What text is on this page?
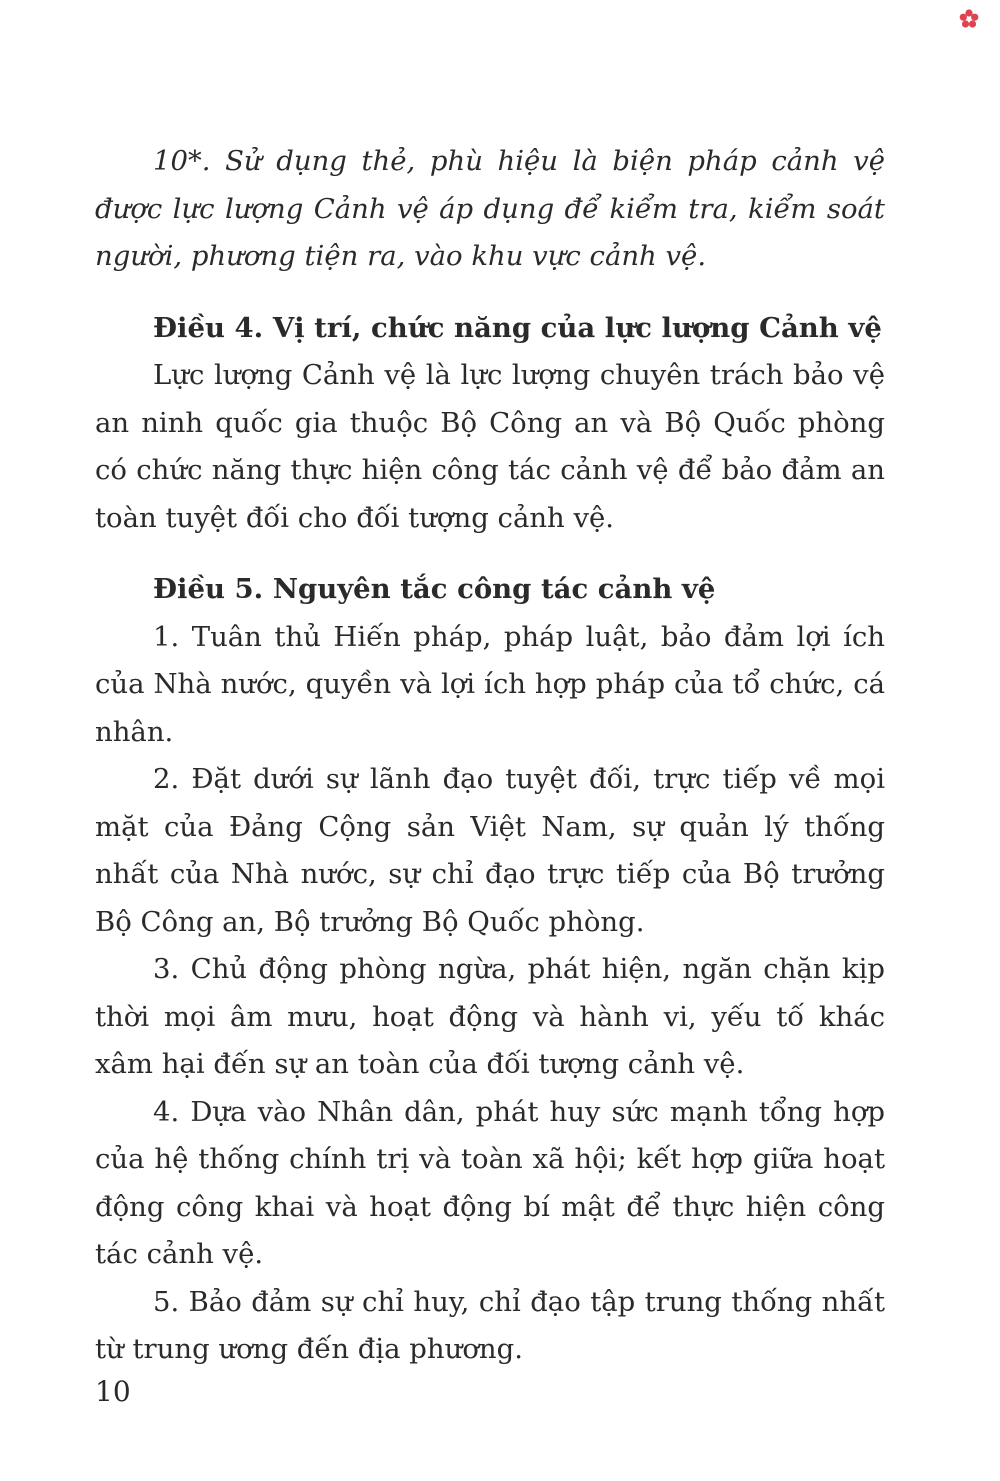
10*. Sử dụng thẻ, phù hiệu là biện pháp cảnh vệ được lực lượng Cảnh vệ áp dụng để kiểm tra, kiểm soát người, phương tiện ra, vào khu vực cảnh vệ.

Điều 4. Vị trí, chức năng của lực lượng Cảnh vệ

Lực lượng Cảnh vệ là lực lượng chuyên trách bảo vệ an ninh quốc gia thuộc Bộ Công an và Bộ Quốc phòng có chức năng thực hiện công tác cảnh vệ để bảo đảm an toàn tuyệt đối cho đối tượng cảnh vệ.

Điều 5. Nguyên tắc công tác cảnh vệ

1. Tuân thủ Hiến pháp, pháp luật, bảo đảm lợi ích của Nhà nước, quyền và lợi ích hợp pháp của tổ chức, cá nhân.

2. Đặt dưới sự lãnh đạo tuyệt đối, trực tiếp về mọi mặt của Đảng Cộng sản Việt Nam, sự quản lý thống nhất của Nhà nước, sự chỉ đạo trực tiếp của Bộ trưởng Bộ Công an, Bộ trưởng Bộ Quốc phòng.

3. Chủ động phòng ngừa, phát hiện, ngăn chặn kịp thời mọi âm mưu, hoạt động và hành vi, yếu tố khác xâm hại đến sự an toàn của đối tượng cảnh vệ.

4. Dựa vào Nhân dân, phát huy sức mạnh tổng hợp của hệ thống chính trị và toàn xã hội; kết hợp giữa hoạt động công khai và hoạt động bí mật để thực hiện công tác cảnh vệ.

5. Bảo đảm sự chỉ huy, chỉ đạo tập trung thống nhất từ trung ương đến địa phương.

10
